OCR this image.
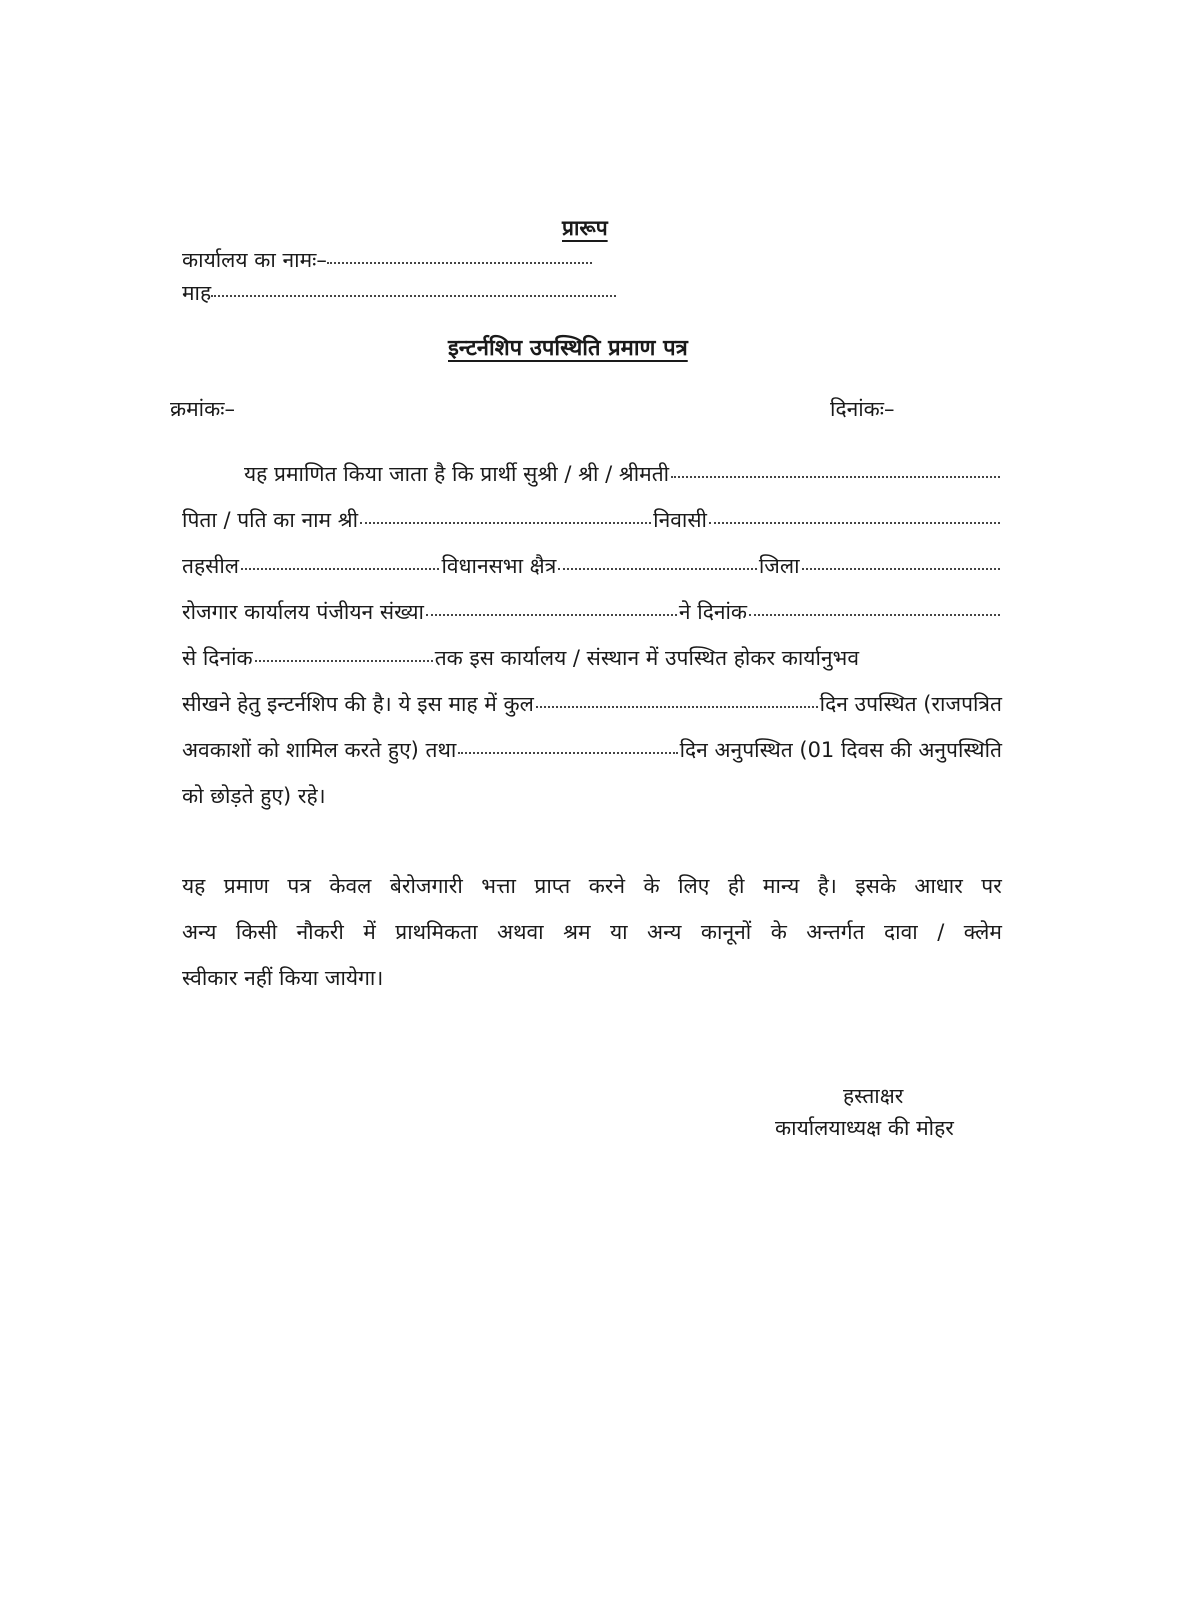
प्रारूप
कार्यालय का नामः–
माह
इन्टर्नशिप उपस्थिति प्रमाण पत्र
क्रमांकः–	दिनांकः–
यह प्रमाणित किया जाता है कि प्रार्थी सुश्री / श्री / श्रीमती
पिता / पति का नाम श्री	निवासी
तहसील	विधानसभा क्षैत्र	जिला
रोजगार कार्यालय पंजीयन संख्या	ने दिनांक
से दिनांक	तक इस कार्यालय / संस्थान में उपस्थित होकर कार्यानुभव
सीखने हेतु इन्टर्नशिप की है। ये इस माह में कुल	दिन उपस्थित (राजपत्रित
अवकाशों को शामिल करते हुए) तथा	दिन अनुपस्थित (01 दिवस की अनुपस्थिति
को छोड़ते हुए) रहे।
यह प्रमाण पत्र केवल बेरोजगारी भत्ता प्राप्त करने के लिए ही मान्य है। इसके आधार पर
अन्य किसी नौकरी में प्राथमिकता अथवा श्रम या अन्य कानूनों के अन्तर्गत दावा / क्लेम
स्वीकार नहीं किया जायेगा।
हस्ताक्षर
कार्यालयाध्यक्ष की मोहर
